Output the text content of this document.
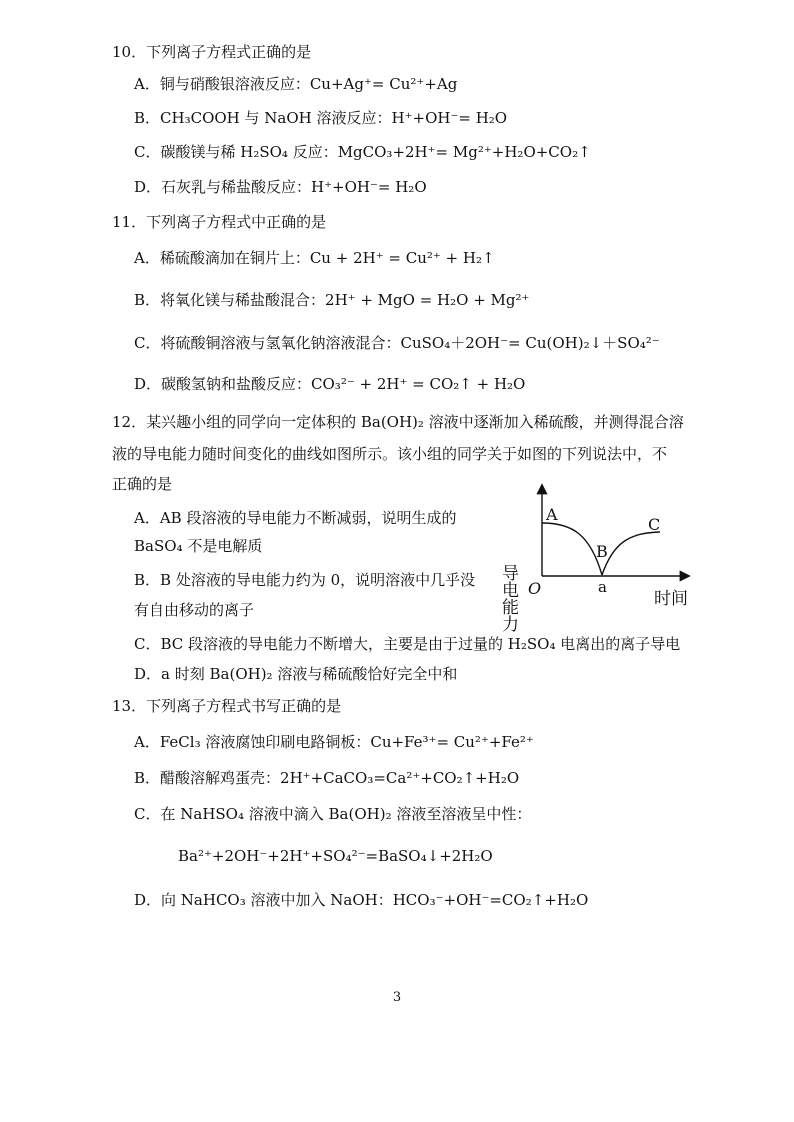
10．下列离子方程式正确的是
A．铜与硝酸银溶液反应：Cu+Ag⁺= Cu²⁺+Ag
B．CH₃COOH 与 NaOH 溶液反应：H⁺+OH⁻= H₂O
C．碳酸镁与稀 H₂SO₄ 反应：MgCO₃+2H⁺= Mg²⁺+H₂O+CO₂↑
D．石灰乳与稀盐酸反应：H⁺+OH⁻= H₂O
11．下列离子方程式中正确的是
A．稀硫酸滴加在铜片上：Cu + 2H⁺ = Cu²⁺ + H₂↑
B．将氧化镁与稀盐酸混合：2H⁺ + MgO = H₂O + Mg²⁺
C．将硫酸铜溶液与氢氧化钠溶液混合：CuSO₄＋2OH⁻= Cu(OH)₂↓＋SO₄²⁻
D．碳酸氢钠和盐酸反应：CO₃²⁻ + 2H⁺ = CO₂↑ + H₂O
12．某兴趣小组的同学向一定体积的 Ba(OH)₂ 溶液中逐渐加入稀硫酸，并测得混合溶
液的导电能力随时间变化的曲线如图所示。该小组的同学关于如图的下列说法中，不
正确的是
A．AB 段溶液的导电能力不断减弱，说明生成的
BaSO₄ 不是电解质
B．B 处溶液的导电能力约为 0，说明溶液中几乎没
有自由移动的离子
C．BC 段溶液的导电能力不断增大，主要是由于过量的 H₂SO₄ 电离出的离子导电
D．a 时刻 Ba(OH)₂ 溶液与稀硫酸恰好完全中和
导电能力	时间
O
A
B
C
a
13．下列离子方程式书写正确的是
A．FeCl₃ 溶液腐蚀印刷电路铜板：Cu+Fe³⁺= Cu²⁺+Fe²⁺
B．醋酸溶解鸡蛋壳：2H⁺+CaCO₃=Ca²⁺+CO₂↑+H₂O
C．在 NaHSO₄ 溶液中滴入 Ba(OH)₂ 溶液至溶液呈中性：
Ba²⁺+2OH⁻+2H⁺+SO₄²⁻=BaSO₄↓+2H₂O
D．向 NaHCO₃ 溶液中加入 NaOH：HCO₃⁻+OH⁻=CO₂↑+H₂O
3
